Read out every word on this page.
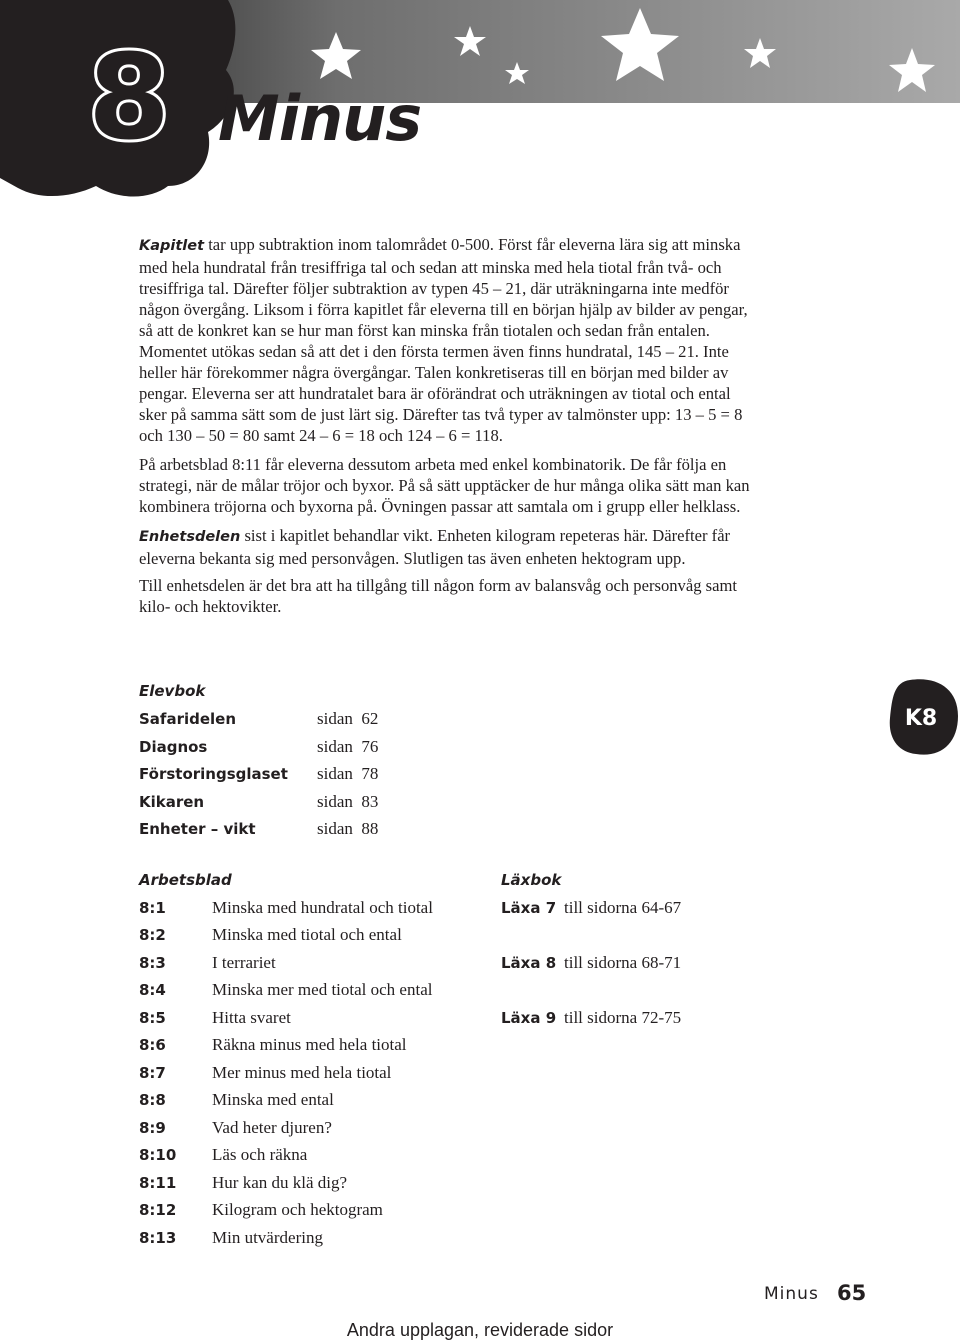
8 Minus

Kapitlet tar upp subtraktion inom talområdet 0-500. Först får eleverna lära sig att minska med hela hundratal från tresiffriga tal och sedan att minska med hela tiotal från två- och tresiffriga tal. Därefter följer subtraktion av typen 45 – 21, där uträkningarna inte medför någon övergång. Liksom i förra kapitlet får eleverna till en början hjälp av bilder av pengar, så att de konkret kan se hur man först kan minska från tiotalen och sedan från entalen. Momentet utökas sedan så att det i den första termen även finns hundratal, 145 – 21. Inte heller här förekommer några övergångar. Talen konkretiseras till en början med bilder av pengar. Eleverna ser att hundratalet bara är oförändrat och uträkningen av tiotal och ental sker på samma sätt som de just lärt sig. Därefter tas två typer av talmönster upp: 13 – 5 = 8 och 130 – 50 = 80 samt 24 – 6 = 18 och 124 – 6 = 118.

På arbetsblad 8:11 får eleverna dessutom arbeta med enkel kombinatorik. De får följa en strategi, när de målar tröjor och byxor. På så sätt upptäcker de hur många olika sätt man kan kombinera tröjorna och byxorna på. Övningen passar att samtala om i grupp eller helklass.

Enhetsdelen sist i kapitlet behandlar vikt. Enheten kilogram repeteras här. Därefter får eleverna bekanta sig med personvågen. Slutligen tas även enheten hektogram upp.

Till enhetsdelen är det bra att ha tillgång till någon form av balansvåg och personvåg samt kilo- och hektovikter.

Elevbok
Safaridelen	sidan  62
Diagnos	sidan  76
Förstoringsglaset sidan  78
Kikaren	sidan  83
Enheter – vikt	sidan  88
K8
Arbetsblad
8:1	Minska med hundratal och tiotal
8:2	Minska med tiotal och ental
8:3	I terrariet
8:4	Minska mer med tiotal och ental
8:5	Hitta svaret
8:6	Räkna minus med hela tiotal
8:7	Mer minus med hela tiotal
8:8	Minska med ental
8:9	Vad heter djuren?
8:10 Läs och räkna
8:11 Hur kan du klä dig?
8:12 Kilogram och hektogram
8:13 Min utvärdering
Läxbok
Läxa 7 till sidorna 64-67
Läxa 8 till sidorna 68-71
Läxa 9 till sidorna 72-75
Minus 65
Andra upplagan, reviderade sidor
